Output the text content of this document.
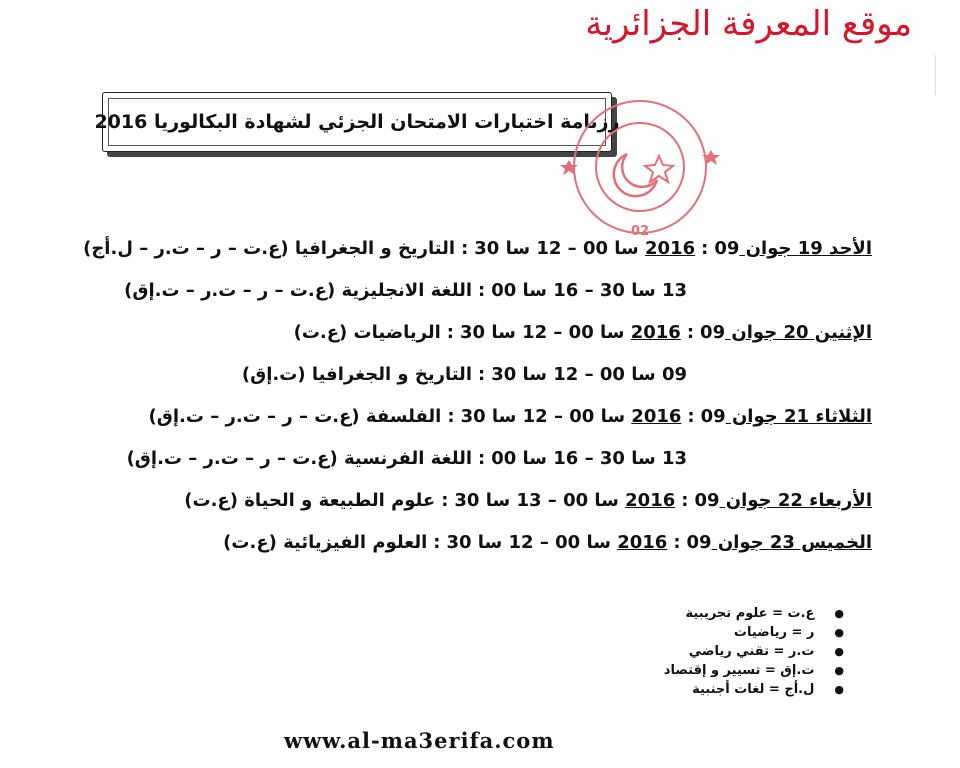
موقع المعرفة الجزائرية
رزنامة اختبارات الامتحان الجزئي لشهادة البكالوريا 2016
02
الأحد 19 جوان 2016:09 سا 00 – 12 سا 30:التاريخ و الجغرافيا (ع.ت – ر – ت.ر – ل.أج)
13 سا 30 – 16 سا 00:اللغة الانجليزية (ع.ت – ر – ت.ر – ت.إق)
الإثنين 20 جوان 2016:09 سا 00 – 12 سا 30:الرياضيات (ع.ت)
09 سا 00 – 12 سا 30:التاريخ و الجغرافيا (ت.إق)
الثلاثاء 21 جوان 2016:09 سا 00 – 12 سا 30:الفلسفة (ع.ت – ر – ت.ر – ت.إق)
13 سا 30 – 16 سا 00:اللغة الفرنسية (ع.ت – ر – ت.ر – ت.إق)
الأربعاء 22 جوان 2016:09 سا 00 – 13 سا 30:علوم الطبيعة و الحياة (ع.ت)
الخميس 23 جوان 2016:09 سا 00 – 12 سا 30:العلوم الفيزيائية (ع.ت)
●ع.ت = علوم تجريبية
●ر = رياضيات
●ت.ر = تقني رياضي
●ت.إق = تسيير و إقتصاد
●ل.أج = لغات أجنبية
www.al-ma3erifa.com
